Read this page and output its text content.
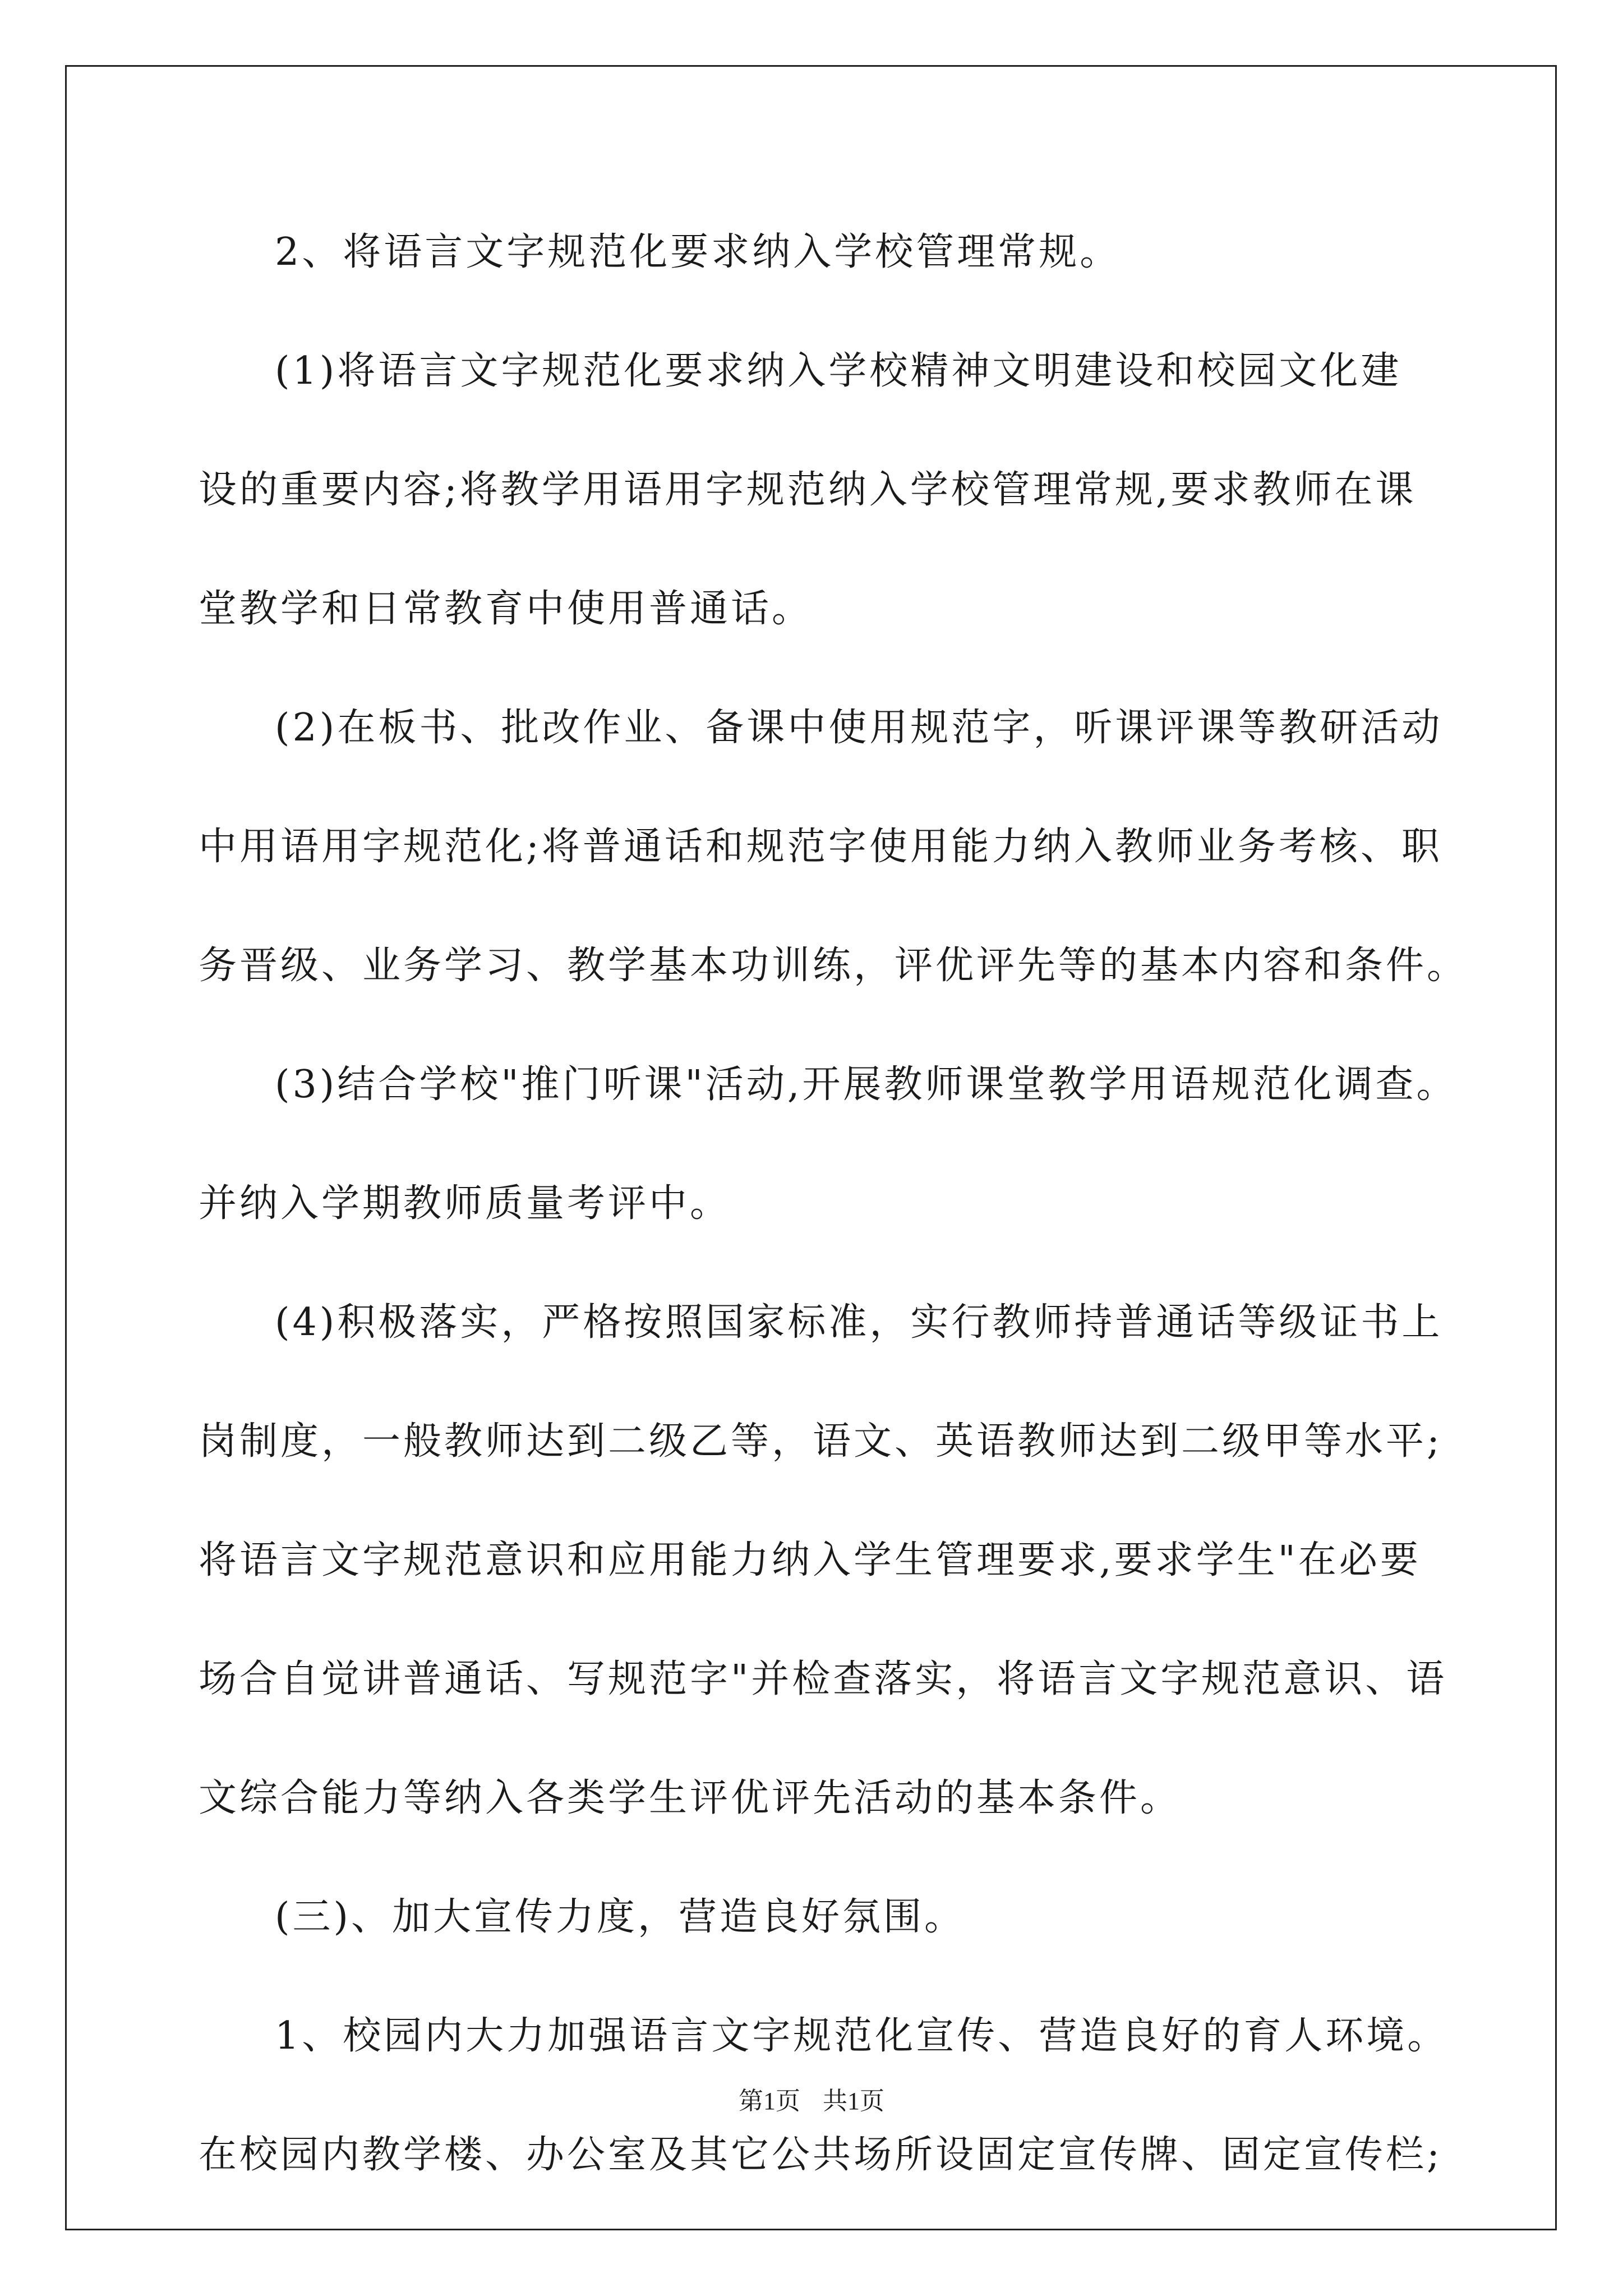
2、将语言文字规范化要求纳入学校管理常规。
(1)将语言文字规范化要求纳入学校精神文明建设和校园文化建
设的重要内容;将教学用语用字规范纳入学校管理常规,要求教师在课
堂教学和日常教育中使用普通话。
(2)在板书、批改作业、备课中使用规范字，听课评课等教研活动
中用语用字规范化;将普通话和规范字使用能力纳入教师业务考核、职
务晋级、业务学习、教学基本功训练，评优评先等的基本内容和条件。
(3)结合学校"推门听课"活动,开展教师课堂教学用语规范化调查。
并纳入学期教师质量考评中。
(4)积极落实，严格按照国家标准，实行教师持普通话等级证书上
岗制度，一般教师达到二级乙等，语文、英语教师达到二级甲等水平;
将语言文字规范意识和应用能力纳入学生管理要求,要求学生"在必要
场合自觉讲普通话、写规范字"并检查落实，将语言文字规范意识、语
文综合能力等纳入各类学生评优评先活动的基本条件。
(三)、加大宣传力度，营造良好氛围。
1、校园内大力加强语言文字规范化宣传、营造良好的育人环境。
在校园内教学楼、办公室及其它公共场所设固定宣传牌、固定宣传栏;
第1页 共1页
